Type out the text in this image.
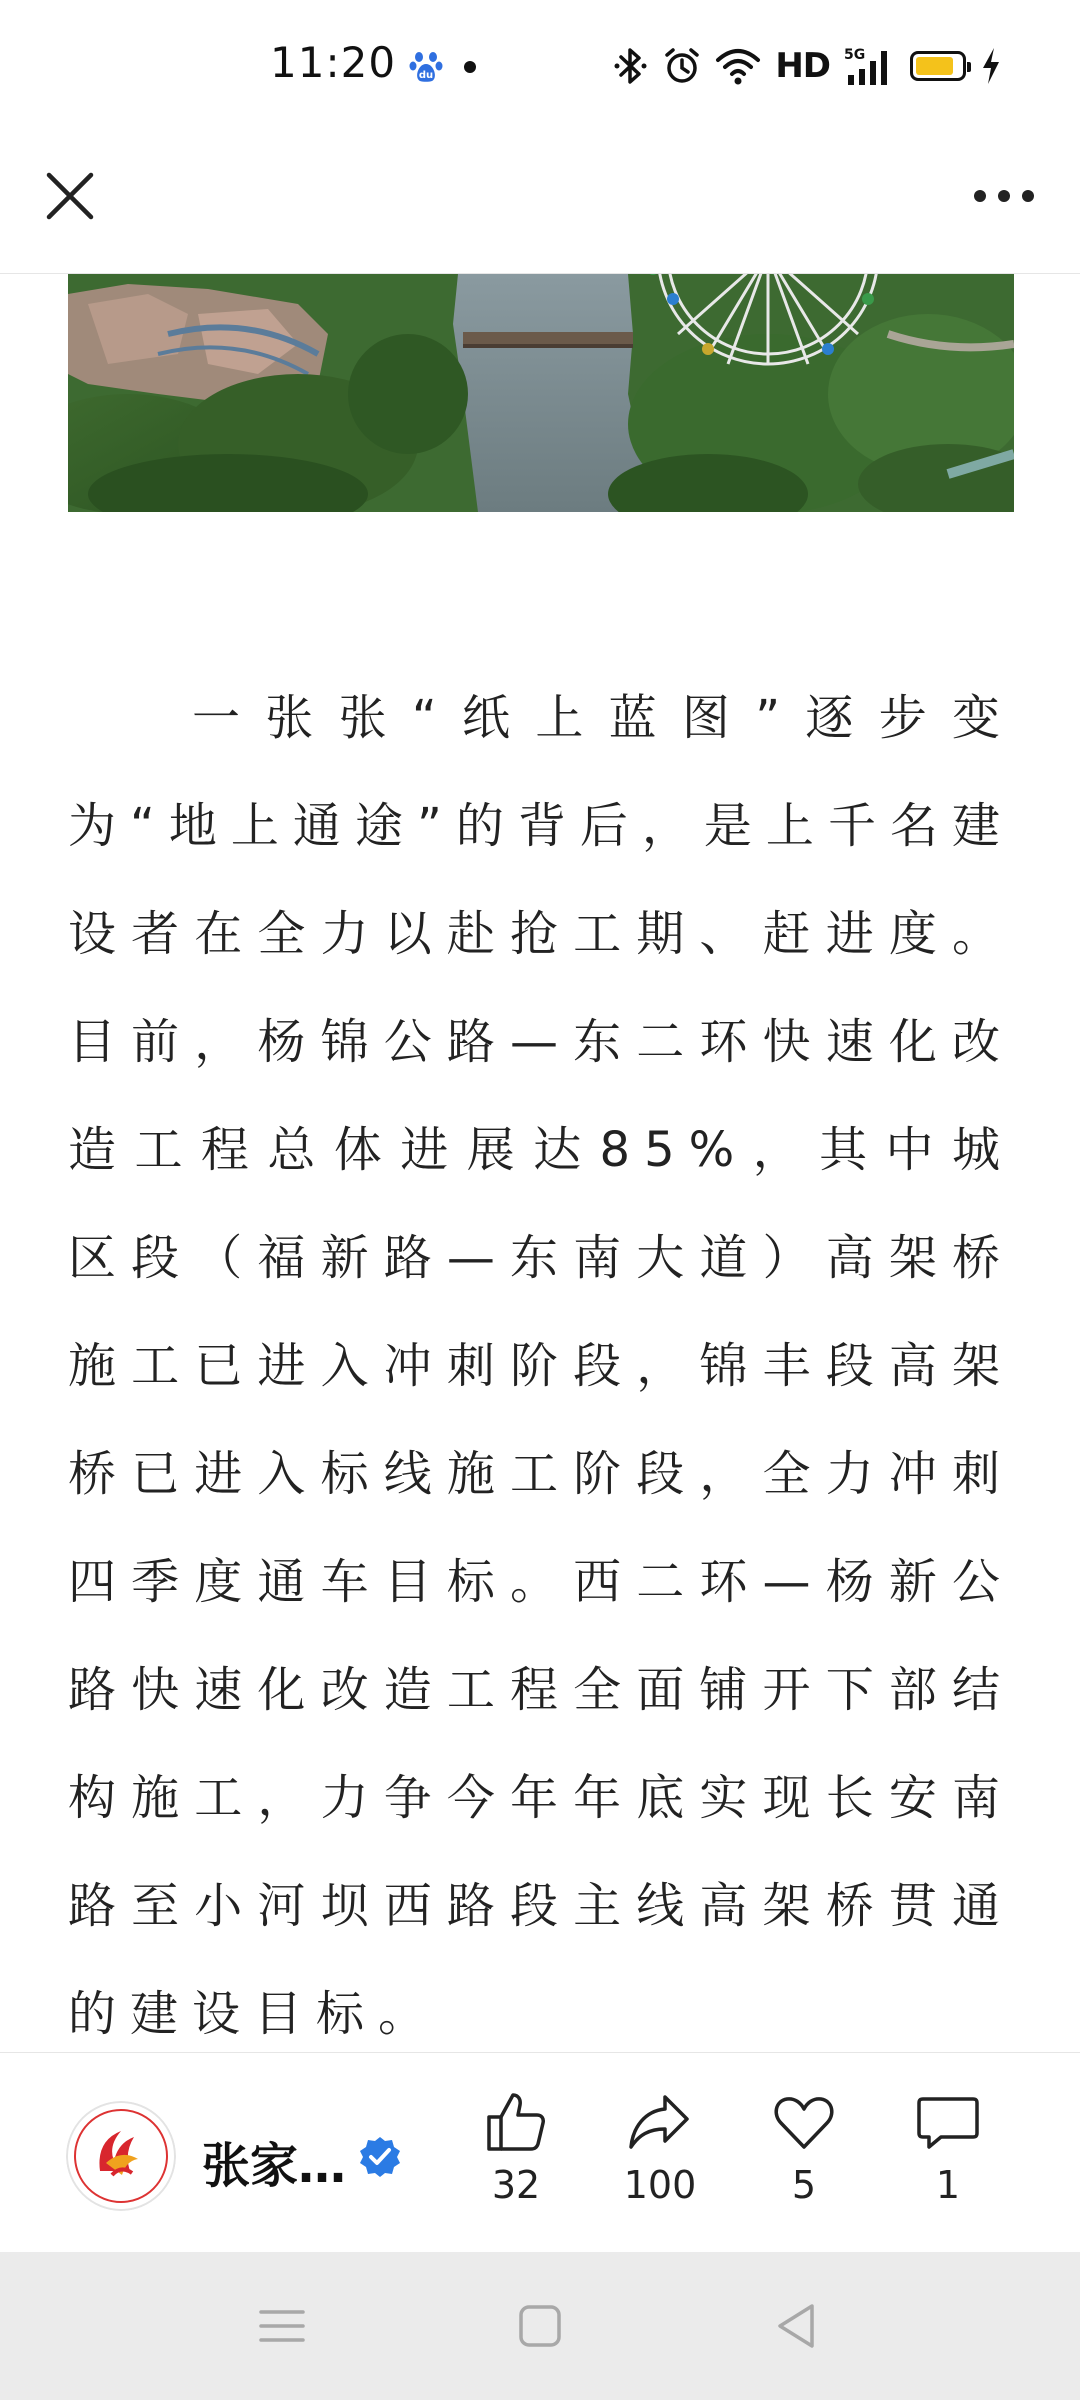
11:20 du	HD 5G

一张张“纸上蓝图”逐步变为“地上通途”的背后，是上千名建设者在全力以赴抢工期、赶进度。目前，杨锦公路—东二环快速化改造工程总体进展达85%，其中城区段（福新路—东南大道）高架桥施工已进入冲刺阶段，锦丰段高架桥已进入标线施工阶段，全力冲刺四季度通车目标。西二环—杨新公路快速化改造工程全面铺开下部结构施工，力争今年年底实现长安南路至小河坝西路段主线高架桥贯通的建设目标。

张家…	32 100	5	1
